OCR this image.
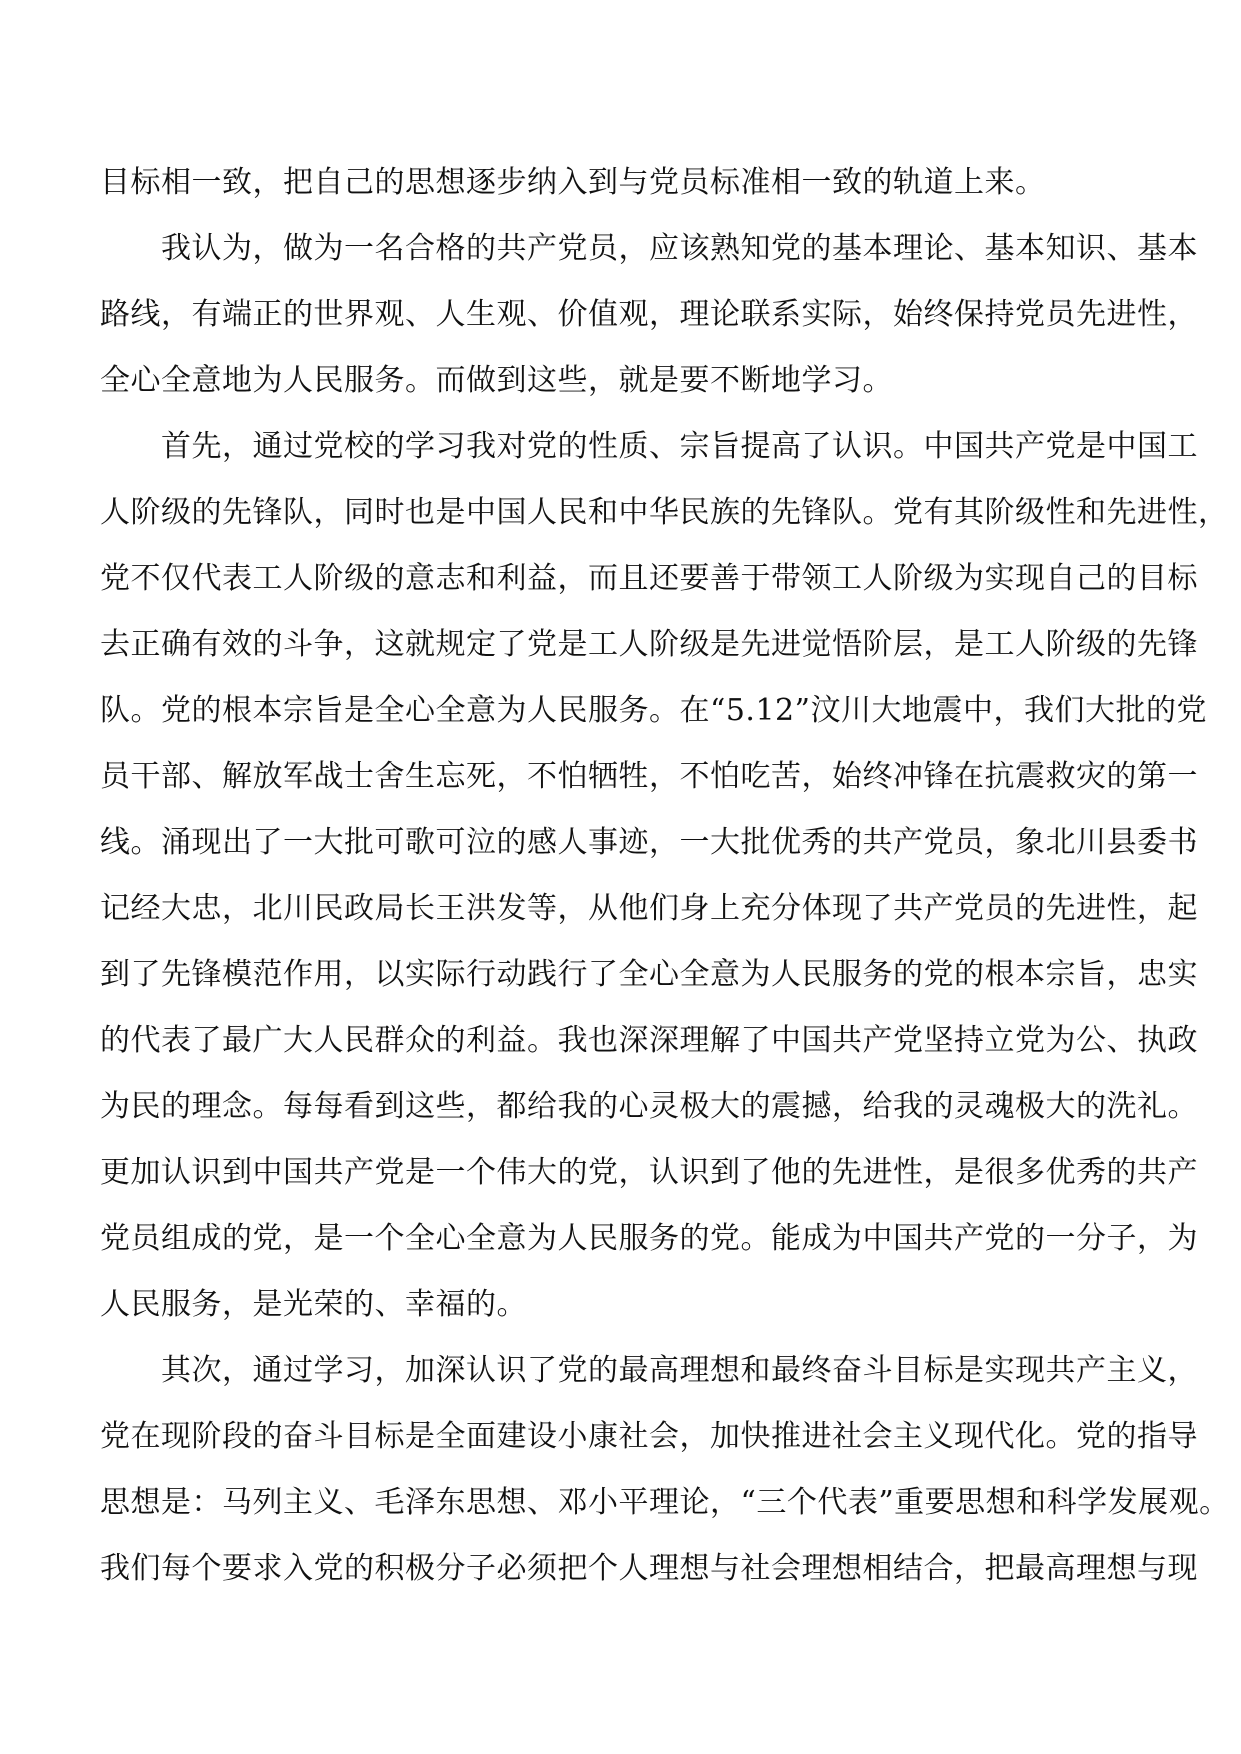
目标相一致，把自己的思想逐步纳入到与党员标准相一致的轨道上来。
　　我认为，做为一名合格的共产党员，应该熟知党的基本理论、基本知识、基本
路线，有端正的世界观、人生观、价值观，理论联系实际，始终保持党员先进性，
全心全意地为人民服务。而做到这些，就是要不断地学习。
　　首先，通过党校的学习我对党的性质、宗旨提高了认识。中国共产党是中国工
人阶级的先锋队，同时也是中国人民和中华民族的先锋队。党有其阶级性和先进性，
党不仅代表工人阶级的意志和利益，而且还要善于带领工人阶级为实现自己的目标
去正确有效的斗争，这就规定了党是工人阶级是先进觉悟阶层，是工人阶级的先锋
队。党的根本宗旨是全心全意为人民服务。在“5.12”汶川大地震中，我们大批的党
员干部、解放军战士舍生忘死，不怕牺牲，不怕吃苦，始终冲锋在抗震救灾的第一
线。涌现出了一大批可歌可泣的感人事迹，一大批优秀的共产党员，象北川县委书
记经大忠，北川民政局长王洪发等，从他们身上充分体现了共产党员的先进性，起
到了先锋模范作用，以实际行动践行了全心全意为人民服务的党的根本宗旨，忠实
的代表了最广大人民群众的利益。我也深深理解了中国共产党坚持立党为公、执政
为民的理念。每每看到这些，都给我的心灵极大的震撼，给我的灵魂极大的洗礼。
更加认识到中国共产党是一个伟大的党，认识到了他的先进性，是很多优秀的共产
党员组成的党，是一个全心全意为人民服务的党。能成为中国共产党的一分子，为
人民服务，是光荣的、幸福的。
　　其次，通过学习，加深认识了党的最高理想和最终奋斗目标是实现共产主义，
党在现阶段的奋斗目标是全面建设小康社会，加快推进社会主义现代化。党的指导
思想是：马列主义、毛泽东思想、邓小平理论，“三个代表”重要思想和科学发展观。
我们每个要求入党的积极分子必须把个人理想与社会理想相结合，把最高理想与现
